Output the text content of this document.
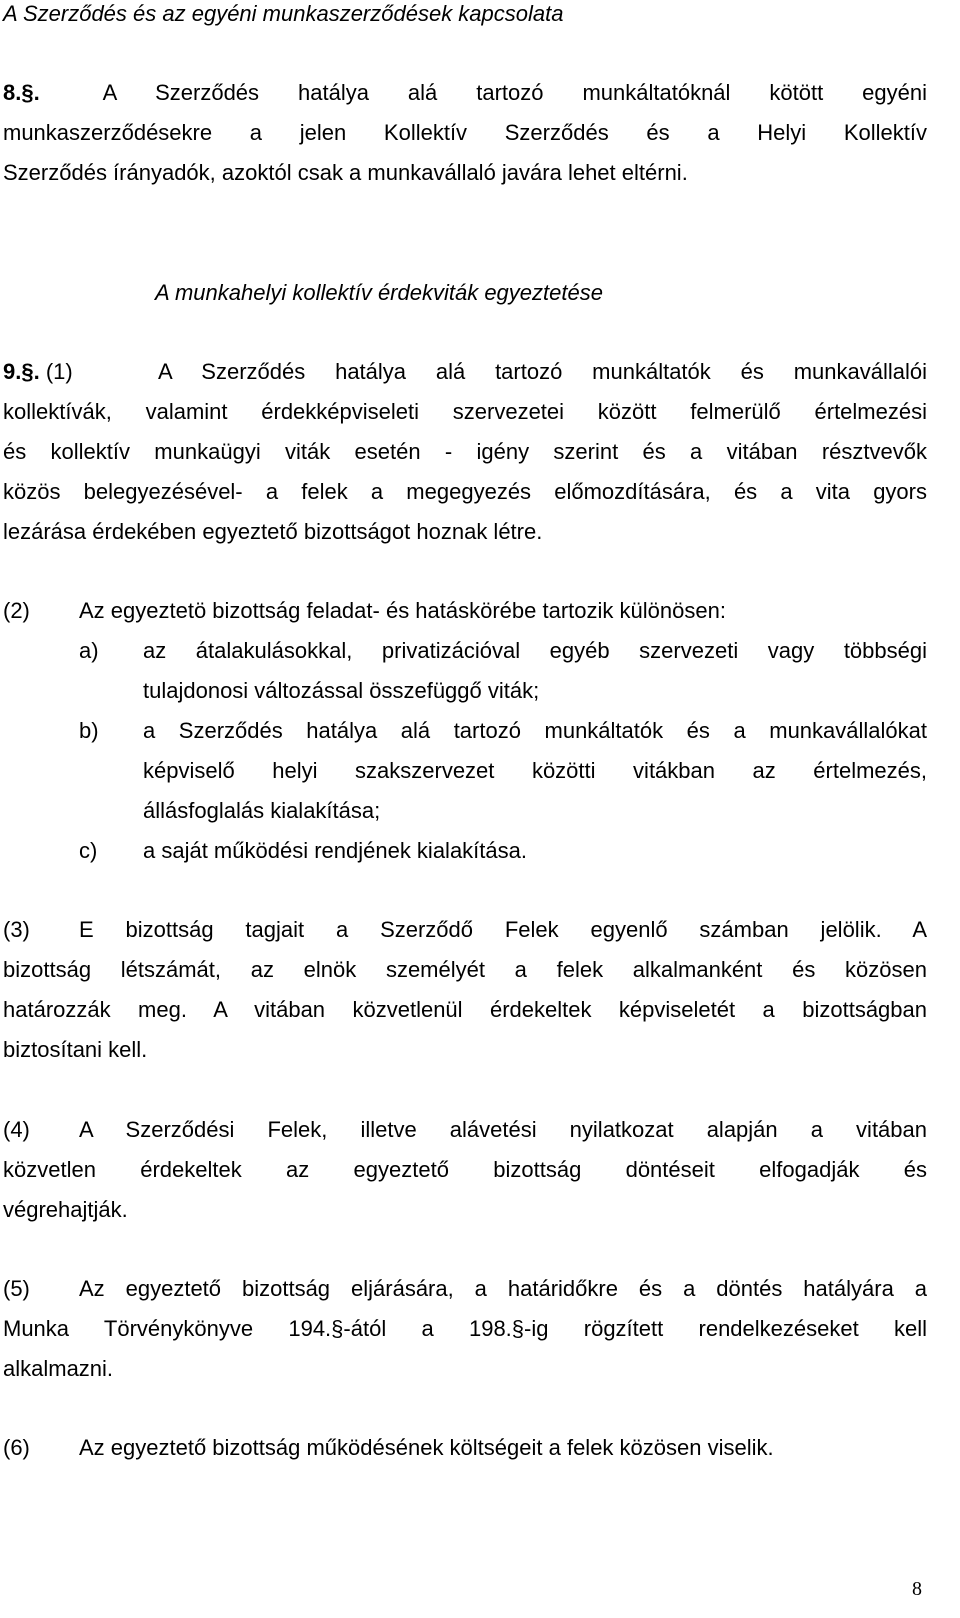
A Szerződés és az egyéni munkaszerződések kapcsolata
8.§.	A Szerződés hatálya alá tartozó munkáltatóknál kötött egyéni
munkaszerződésekre a jelen Kollektív Szerződés és a Helyi Kollektív
Szerződés írányadók, azoktól csak a munkavállaló javára lehet eltérni.
A munkahelyi kollektív érdekviták egyeztetése
9.§. (1)	A Szerződés hatálya alá tartozó munkáltatók és munkavállalói
kollektívák, valamint érdekképviseleti szervezetei között felmerülő értelmezési
és kollektív munkaügyi viták esetén - igény szerint és a vitában résztvevők
közös belegyezésével- a felek a megegyezés előmozdítására, és a vita gyors
lezárása érdekében egyeztető bizottságot hoznak létre.
(2) Az egyeztetö bizottság feladat- és hatáskörébe tartozik különösen:
a) az átalakulásokkal, privatizációval egyéb szervezeti vagy többségi
tulajdonosi változással összefüggő viták;
b) a Szerződés hatálya alá tartozó munkáltatók és a munkavállalókat
képviselő helyi szakszervezet közötti vitákban az értelmezés,
állásfoglalás kialakítása;
c) a saját működési rendjének kialakítása.
(3) E bizottság tagjait a Szerződő Felek egyenlő számban jelölik. A
bizottság létszámát, az elnök személyét a felek alkalmanként és közösen
határozzák meg. A vitában közvetlenül érdekeltek képviseletét a bizottságban
biztosítani kell.
(4) A Szerződési Felek, illetve alávetési nyilatkozat alapján a vitában
közvetlen érdekeltek az egyeztető bizottság döntéseit elfogadják és
végrehajtják.
(5) Az egyeztető bizottság eljárására, a határidőkre és a döntés hatályára a
Munka Törvénykönyve 194.§-ától a 198.§-ig rögzített rendelkezéseket kell
alkalmazni.
(6) Az egyeztető bizottság működésének költségeit a felek közösen viselik.
8
